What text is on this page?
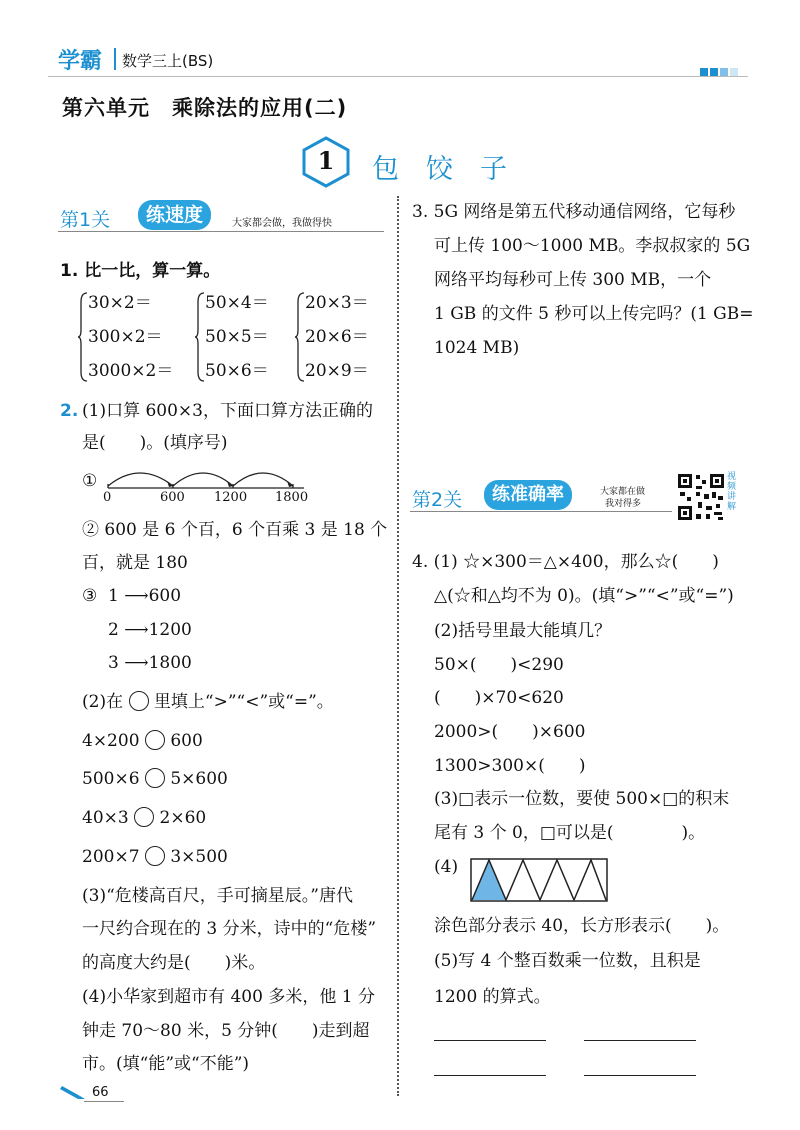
学霸 数学三上(BS)
第六单元　乘除法的应用(二)
1	包　饺　子
第1关	练速度	大家都会做，我做得快
1. 比一比，算一算。
30×2＝
300×2＝
3000×2＝
50×4＝
50×5＝
50×6＝
20×3＝
20×6＝
20×9＝
2. (1)口算 600×3，下面口算方法正确的
是(　　)。(填序号)
①
0	600 1200 1800
② 600 是 6 个百，6 个百乘 3 是 18 个
百，就是 180
③ 1 ⟶600
2 ⟶1200
3 ⟶1800
(2)在 里填上“>”“<”或“=”。
4×200 600
500×6 5×600
40×3 2×60
200×7 3×500
(3)“危楼高百尺，手可摘星辰。”唐代
一尺约合现在的 3 分米，诗中的“危楼”
的高度大约是(　　)米。
(4)小华家到超市有 400 多米，他 1 分
钟走 70～80 米，5 分钟(　　)走到超
市。(填“能”或“不能”)
3. 5G 网络是第五代移动通信网络，它每秒
可上传 100～1000 MB。李叔叔家的 5G
网络平均每秒可上传 300 MB，一个
1 GB 的文件 5 秒可以上传完吗？(1 GB=
1024 MB)
第2关	练准确率	大家都在做
我对得多
视频讲解
4. (1) ☆×300＝△×400，那么☆(　　)
△(☆和△均不为 0)。(填“>”“<”或“=”)
(2)括号里最大能填几？
50×(　　)<290
(　　)×70<620
2000>(　　)×600
1300>300×(　　)
(3)□表示一位数，要使 500×□的积末
尾有 3 个 0，□可以是(　　　　)。
(4)
涂色部分表示 40，长方形表示(　　)。
(5)写 4 个整百数乘一位数，且积是
1200 的算式。
66
